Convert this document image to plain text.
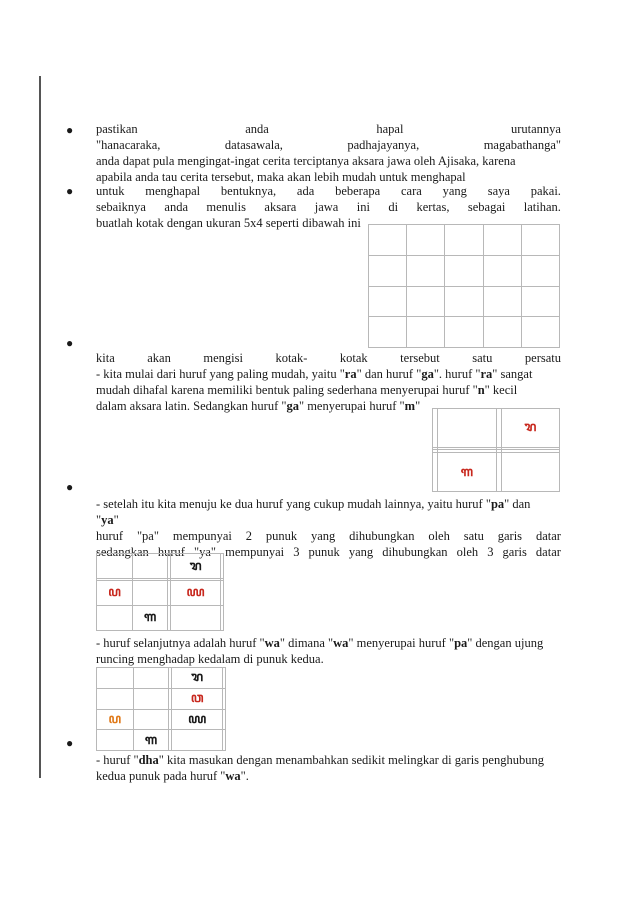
●
●
●
●
●
pastikan	anda	hapal	urutannya
"hanacaraka,	datasawala,	padhajayanya,	magabathanga"
anda dapat pula mengingat-ingat cerita terciptanya aksara jawa oleh Ajisaka, karena
apabila anda tau cerita tersebut, maka akan lebih mudah untuk menghapal
untuk menghapal bentuknya, ada beberapa cara yang saya pakai.
sebaiknya anda menulis aksara jawa ini di kertas, sebagai latihan.
buatlah kotak dengan ukuran 5x4 seperti dibawah ini

kita	akan	mengisi	kotak-	kotak	tersebut	satu	persatu
- kita mulai dari huruf yang paling mudah, yaitu "ra" dan huruf "ga". huruf "ra" sangat
mudah dihafal karena memiliki bentuk paling sederhana menyerupai huruf "n" kecil
dalam aksara latin. Sedangkan huruf "ga" menyerupai huruf "m"
			ꦫ

	ꦒ		
- setelah itu kita menuju ke dua huruf yang cukup mudah lainnya, yaitu huruf "pa" dan
"ya"
huruf "pa" mempunyai 2 punuk yang dihubungkan oleh satu garis datar
sedangkan huruf "ya" mempunyai 3 punuk yang dihubungkan oleh 3 garis datar
			ꦫ	

ꦥ			ꦪ	
	ꦒ			
- huruf selanjutnya adalah huruf "wa" dimana "wa" menyerupai huruf "pa" dengan ujung
runcing menghadap kedalam di punuk kedua.
			ꦫ	
			ꦮ	
ꦥ			ꦪ	
	ꦒ			
- huruf "dha" kita masukan dengan menambahkan sedikit melingkar di garis penghubung
kedua punuk pada huruf "wa".
